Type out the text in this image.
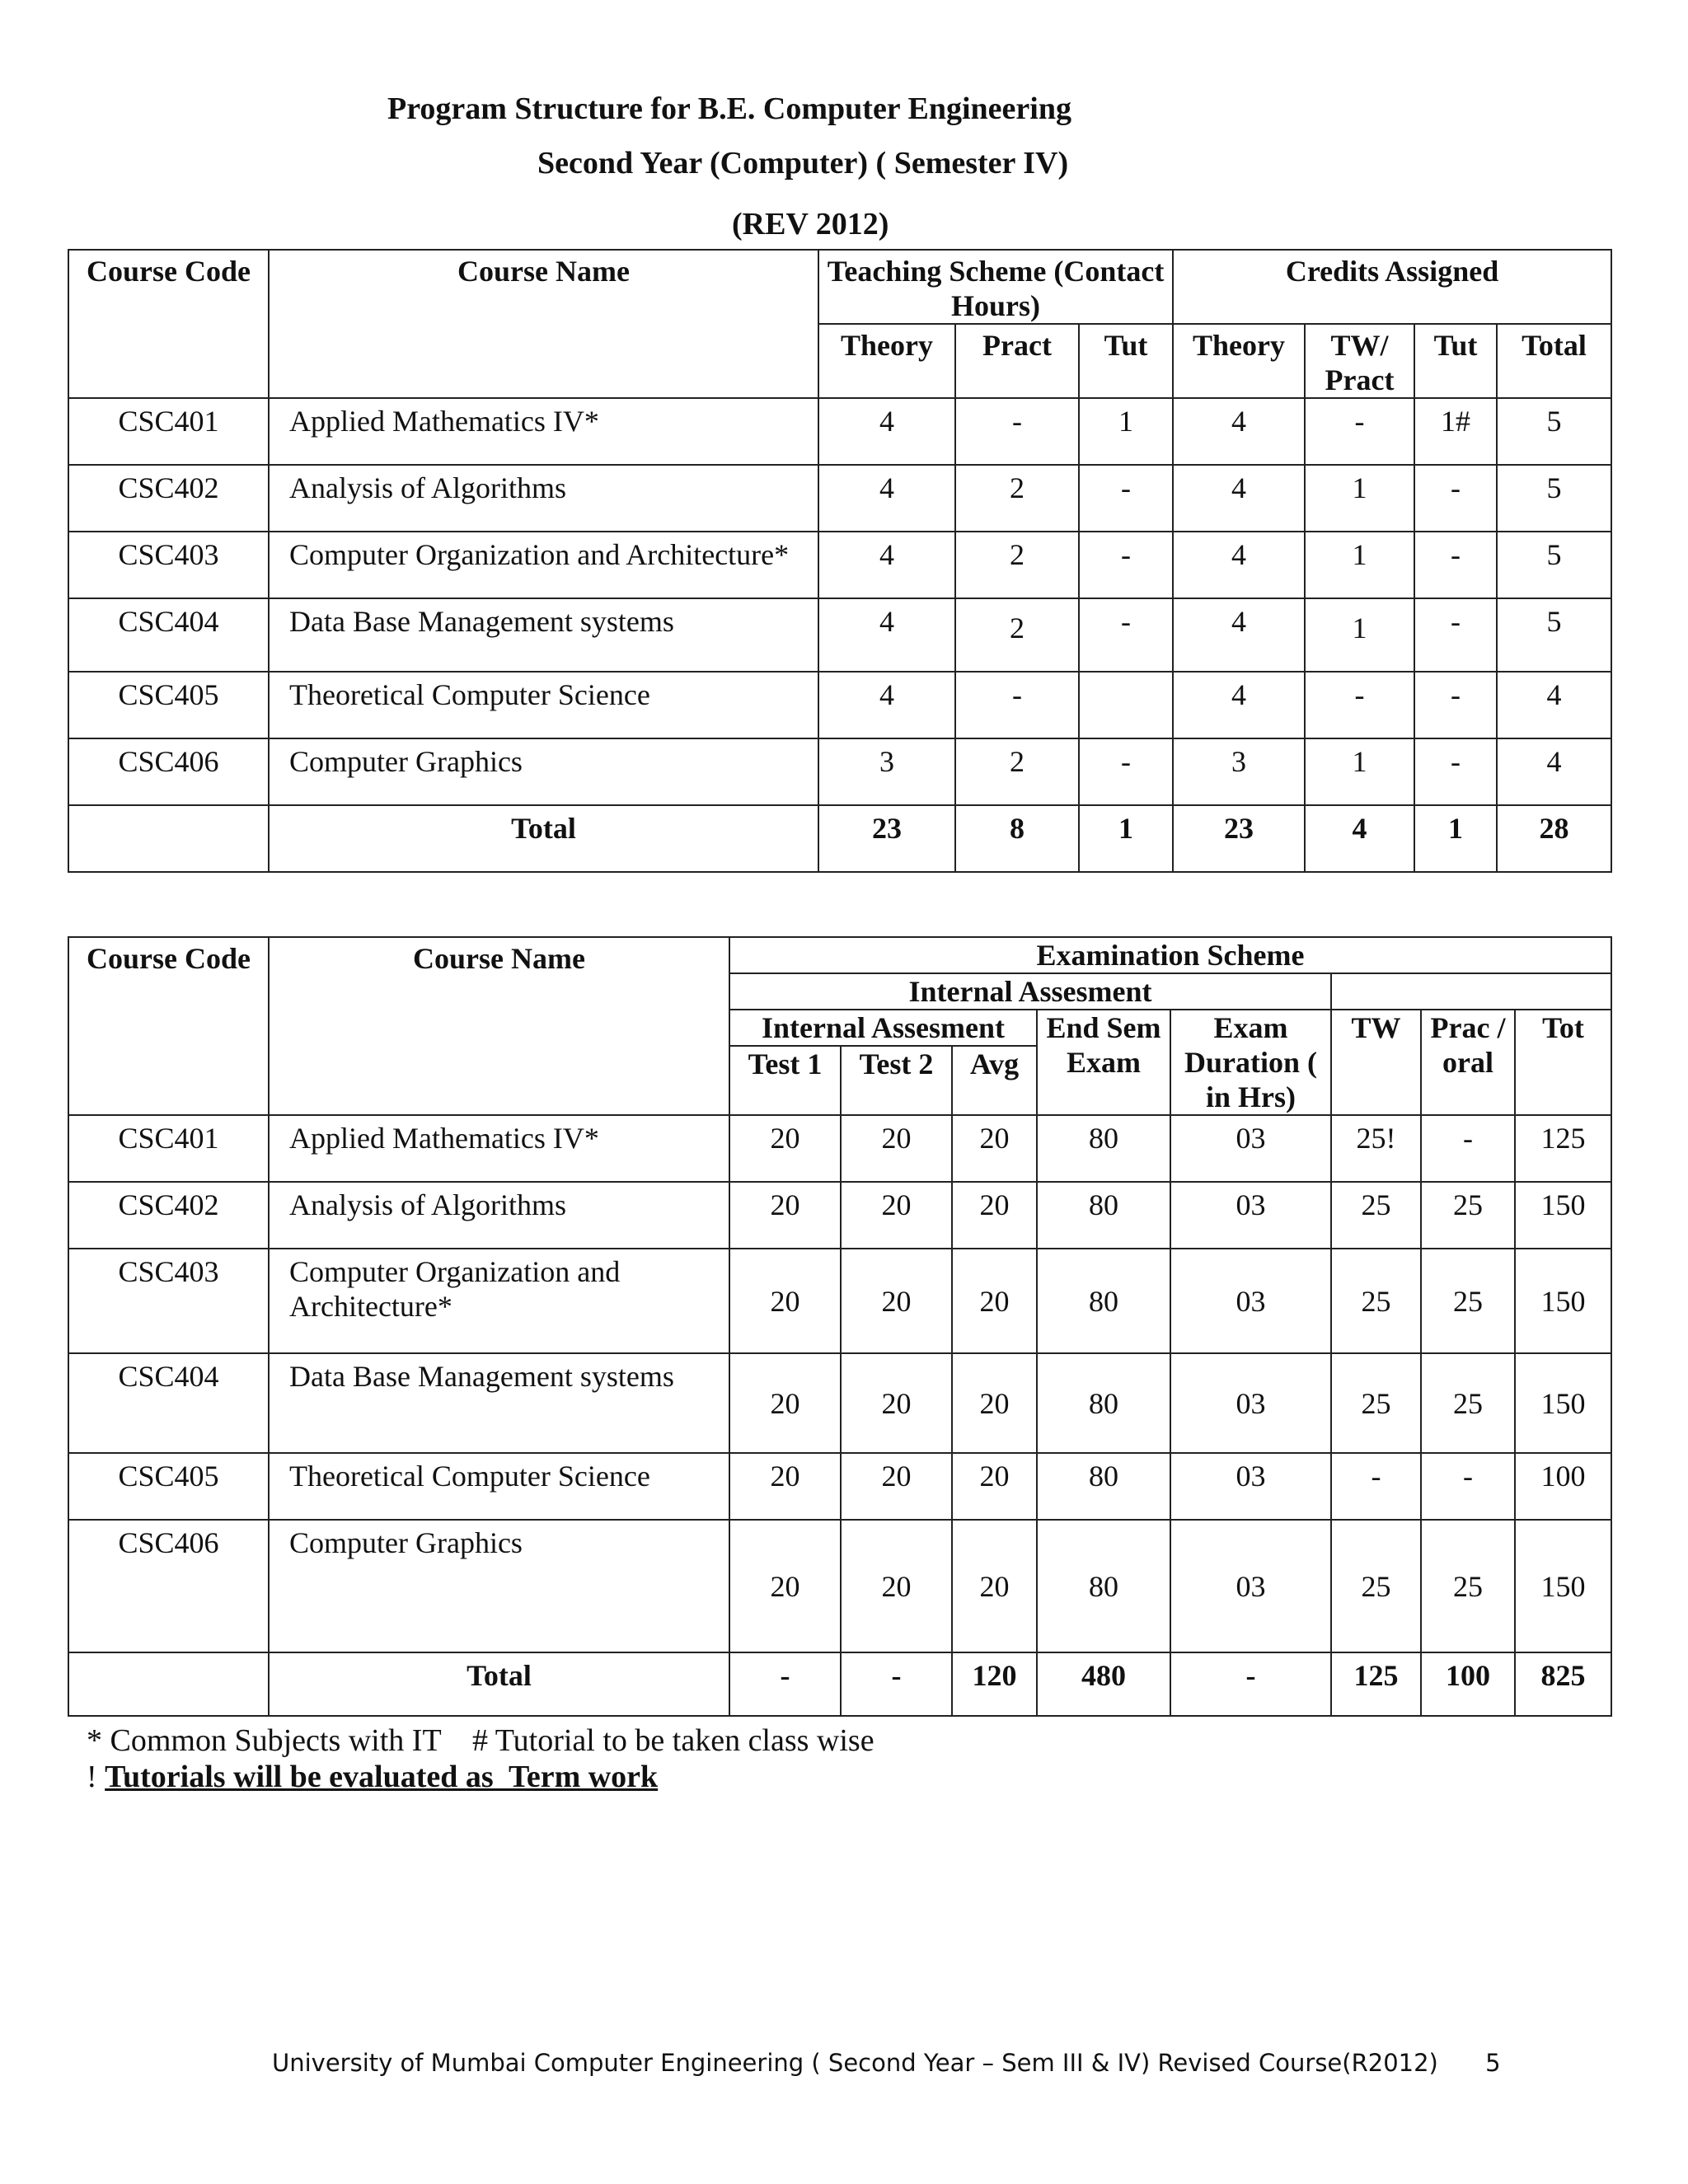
Program Structure for B.E. Computer Engineering
Second Year (Computer) ( Semester IV)
(REV 2012)
Course Code	Course Name	Teaching Scheme (Contact Hours)			Credits Assigned			
		Theory	Pract	Tut	Theory	TW/ Pract	Tut	Total
CSC401	Applied Mathematics IV*	4	-	1	4	-	1#	5
CSC402	Analysis of Algorithms	4	2	-	4	1	-	5
CSC403	Computer Organization and Architecture*	4	2	-	4	1	-	5
CSC404	Data Base Management systems	4	2	-	4	1	-	5
CSC405	Theoretical Computer Science	4	-		4	-	-	4
CSC406	Computer Graphics	3	2	-	3	1	-	4
	Total	23	8	1	23	4	1	28
Course Code	Course Name	Examination Scheme							
		Internal Assesment							
		Internal Assesment			End Sem Exam	Exam Duration ( in Hrs)	TW	Prac / oral	Tot
		Test 1	Test 2	Avg					
CSC401	Applied Mathematics IV*	20	20	20	80	03	25!	-	125
CSC402	Analysis of Algorithms	20	20	20	80	03	25	25	150
CSC403	Computer Organization and Architecture*	20	20	20	80	03	25	25	150
CSC404	Data Base Management systems	20	20	20	80	03	25	25	150
CSC405	Theoretical Computer Science	20	20	20	80	03	-	-	100
CSC406	Computer Graphics	20	20	20	80	03	25	25	150
	Total	-	-	120	480	-	125	100	825
* Common Subjects with IT    # Tutorial to be taken class wise
! Tutorials will be evaluated as  Term work
University of Mumbai Computer Engineering ( Second Year – Sem III & IV) Revised Course(R2012) 5
